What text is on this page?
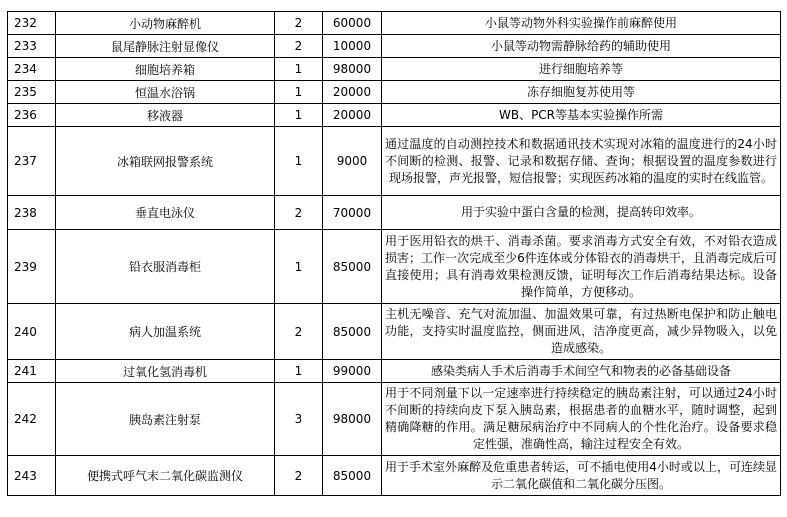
232	小动物麻醉机	2	60000	小鼠等动物外科实验操作前麻醉使用
233	鼠尾静脉注射显像仪	2	10000	小鼠等动物需静脉给药的辅助使用
234	细胞培养箱	1	98000	进行细胞培养等
235	恒温水浴锅	1	20000	冻存细胞复苏使用等
236	移液器	1	20000	WB、PCR等基本实验操作所需
237	冰箱联网报警系统	1	9000	通过温度的自动测控技术和数据通讯技术实现对冰箱的温度进行的24小时不间断的检测、报警、记录和数据存储、查询；根据设置的温度参数进行现场报警，声光报警，短信报警；实现医药冰箱的温度的实时在线监管。
238	垂直电泳仪	2	70000	用于实验中蛋白含量的检测，提高转印效率。
239	铅衣服消毒柜	1	85000	用于医用铅衣的烘干、消毒杀菌。要求消毒方式安全有效，不对铅衣造成损害；工作一次完成至少6件连体或分体铅衣的消毒烘干，且消毒完成后可直接使用；具有消毒效果检测反馈，证明每次工作后消毒结果达标。设备操作简单，方便移动。
240	病人加温系统	2	85000	主机无噪音、充气对流加温、加温效果可靠，有过热断电保护和防止触电功能，支持实时温度监控，侧面进风，洁净度更高，减少异物吸入，以免造成感染。
241	过氧化氢消毒机	1	99000	感染类病人手术后消毒手术间空气和物表的必备基础设备
242	胰岛素注射泵	3	98000	用于不同剂量下以一定速率进行持续稳定的胰岛素注射，可以通过24小时不间断的持续向皮下泵入胰岛素，根据患者的血糖水平，随时调整，起到精确降糖的作用。满足糖尿病治疗中不同病人的个性化治疗。设备要求稳定性强，准确性高，输注过程安全有效。
243	便携式呼气末二氧化碳监测仪	2	85000	用于手术室外麻醉及危重患者转运，可不插电使用4小时或以上，可连续显示二氧化碳值和二氧化碳分压图。
